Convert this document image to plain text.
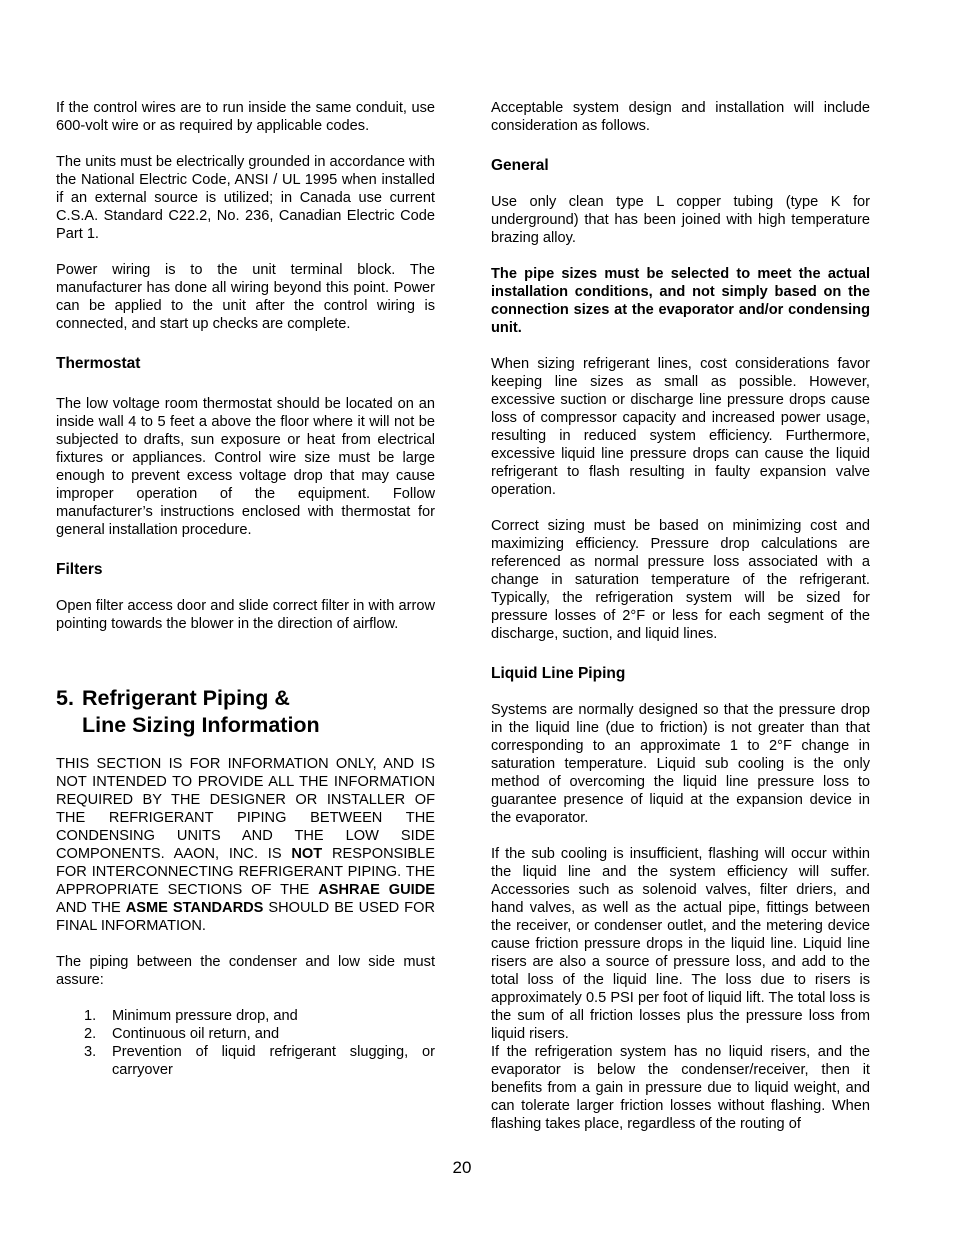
If the control wires are to run inside the same conduit, use 600-volt wire or as required by applicable codes.

The units must be electrically grounded in accordance with the National Electric Code, ANSI / UL 1995 when installed if an external source is utilized; in Canada use current C.S.A. Standard C22.2, No. 236, Canadian Electric Code Part 1.

Power wiring is to the unit terminal block. The manufacturer has done all wiring beyond this point. Power can be applied to the unit after the control wiring is connected, and start up checks are complete.

Thermostat

The low voltage room thermostat should be located on an inside wall 4 to 5 feet a above the floor where it will not be subjected to drafts, sun exposure or heat from electrical fixtures or appliances. Control wire size must be large enough to prevent excess voltage drop that may cause improper operation of the equipment. Follow manufacturer’s instructions enclosed with thermostat for general installation procedure.

Filters

Open filter access door and slide correct filter in with arrow pointing towards the blower in the direction of airflow.

5. Refrigerant Piping &
Line Sizing Information

THIS SECTION IS FOR INFORMATION ONLY, AND IS NOT INTENDED TO PROVIDE ALL THE INFORMATION REQUIRED BY THE DESIGNER OR INSTALLER OF THE REFRIGERANT PIPING BETWEEN THE CONDENSING UNITS AND THE LOW SIDE COMPONENTS. AAON, INC. IS NOT RESPONSIBLE FOR INTERCONNECTING REFRIGERANT PIPING. THE APPROPRIATE SECTIONS OF THE ASHRAE GUIDE AND THE ASME STANDARDS SHOULD BE USED FOR FINAL INFORMATION.

The piping between the condenser and low side must assure:

1.	Minimum pressure drop, and
2.	Continuous oil return, and
3.	Prevention of liquid refrigerant slugging, or carryover

Acceptable system design and installation will include consideration as follows.

General

Use only clean type L copper tubing (type K for underground) that has been joined with high temperature brazing alloy.

The pipe sizes must be selected to meet the actual installation conditions, and not simply based on the connection sizes at the evaporator and/or condensing unit.

When sizing refrigerant lines, cost considerations favor keeping line sizes as small as possible. However, excessive suction or discharge line pressure drops cause loss of compressor capacity and increased power usage, resulting in reduced system efficiency. Furthermore, excessive liquid line pressure drops can cause the liquid refrigerant to flash resulting in faulty expansion valve operation.

Correct sizing must be based on minimizing cost and maximizing efficiency. Pressure drop calculations are referenced as normal pressure loss associated with a change in saturation temperature of the refrigerant. Typically, the refrigeration system will be sized for pressure losses of 2°F or less for each segment of the discharge, suction, and liquid lines.

Liquid Line Piping

Systems are normally designed so that the pressure drop in the liquid line (due to friction) is not greater than that corresponding to an approximate 1 to 2°F change in saturation temperature. Liquid sub cooling is the only method of overcoming the liquid line pressure loss to guarantee presence of liquid at the expansion device in the evaporator.

If the sub cooling is insufficient, flashing will occur within the liquid line and the system efficiency will suffer. Accessories such as solenoid valves, filter driers, and hand valves, as well as the actual pipe, fittings between the receiver, or condenser outlet, and the metering device cause friction pressure drops in the liquid line. Liquid line risers are also a source of pressure loss, and add to the total loss of the liquid line. The loss due to risers is approximately 0.5 PSI per foot of liquid lift. The total loss is the sum of all friction losses plus the pressure loss from liquid risers.

If the refrigeration system has no liquid risers, and the evaporator is below the condenser/receiver, then it benefits from a gain in pressure due to liquid weight, and can tolerate larger friction losses without flashing. When flashing takes place, regardless of the routing of

20
